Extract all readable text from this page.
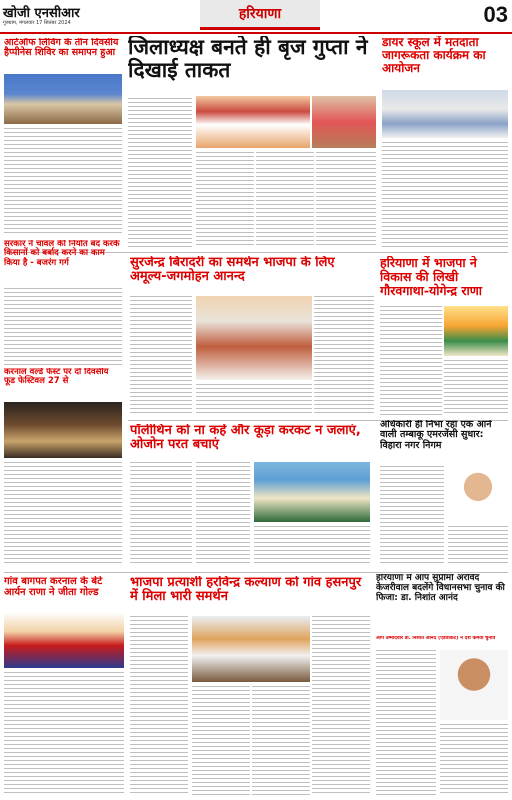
खोजी एनसीआर
गुरुग्राम, मंगलवार 17 सितंबर 2024
हरियाणा	03
आर्टऑफ लिविंग के तीन दिवसीय हैप्पीनेस शिविर का समापन हुआ जिलाध्यक्ष बनते ही बृज गुप्ता ने दिखाई ताकत
डायर स्कूल में मतदाता जागरूकता कार्यक्रम का आयोजन
सरकार ने चावल की निर्यात बंद करके किसानों को बर्बाद करने का काम किया है - बजरंग गर्ग	सुरजेन्द्र बिरादरी का समर्थन भाजपा के लिए अमूल्य-जगमोहन आनन्द
हरियाणा में भाजपा ने विकास की लिखी गौरवगाथा-योगेन्द्र राणा
करनाल वर्ल्ड फेस्ट पर दो दिवसीय फूड फेस्टिवल 27 से
पॉलीथिन को ना कहें और कूड़ा करकट न जलाएं, ओजोन परत बचाएं
अधिकारी ही निभा रहा एक आने वाली तम्बाकू एमरजेंसी सुधार: विहारा नगर निगम
गांव बागपत करनाल के बेटे आर्यन राणा ने जीता गोल्ड
भाजपा प्रत्याशी हरविन्द्र कल्याण को गांव हसनपुर में मिला भारी समर्थन
हरियाणा में आप सुप्रीमो अरविंद केजरीवाल बदलेंगे विधानसभा चुनाव की फिजा: डा. निशांत आनंद
आप उम्मीदवार डा. निशांत आनंद (एडवोकेट) ने देश कर्मवा चुनाव
